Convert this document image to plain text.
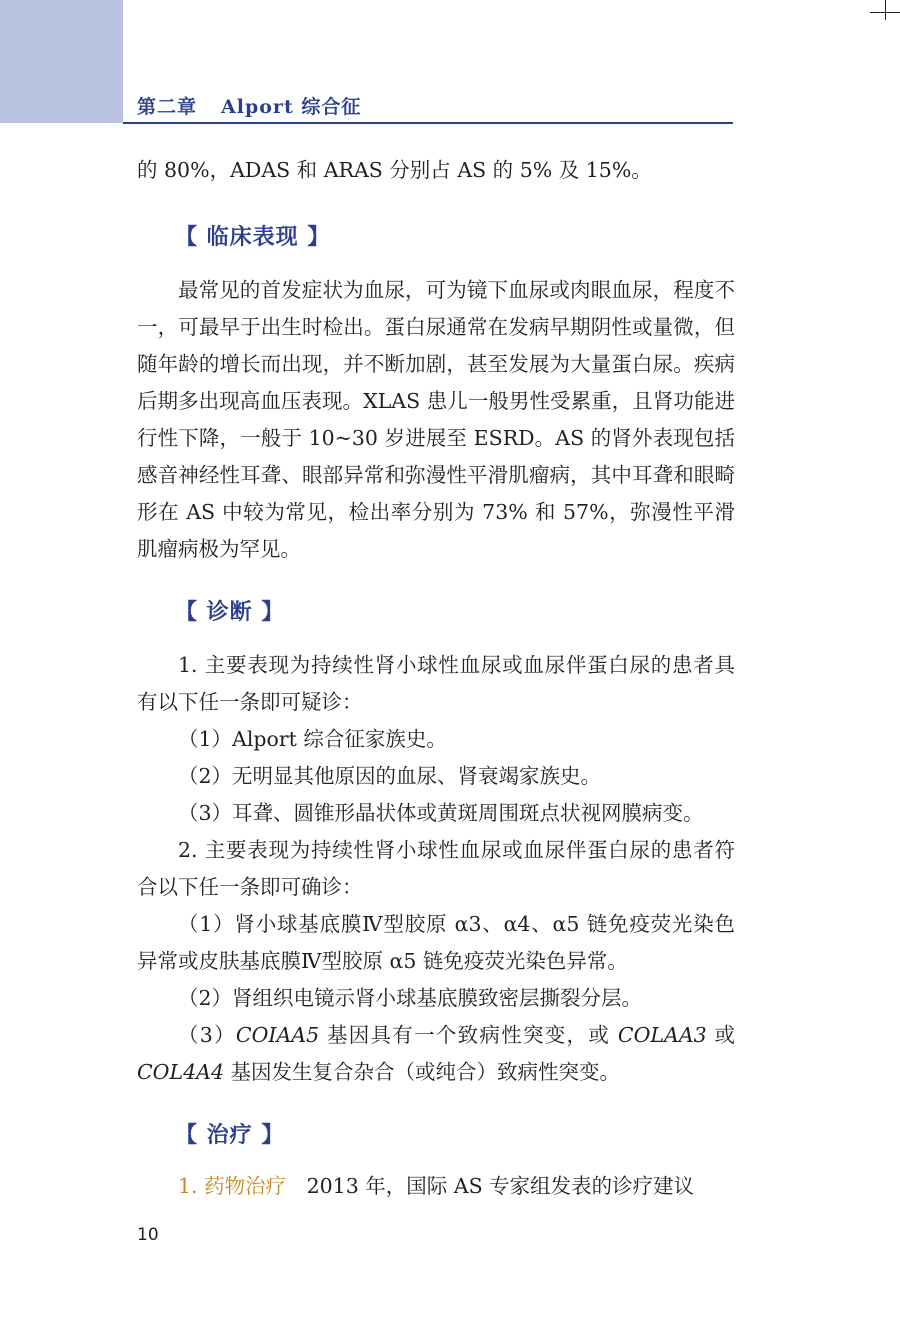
第二章 Alport 综合征

的 80%，ADAS 和 ARAS 分别占 AS 的 5% 及 15%。

【 临床表现 】

最常见的首发症状为血尿，可为镜下血尿或肉眼血尿，程度不一，可最早于出生时检出。蛋白尿通常在发病早期阴性或量微，但随年龄的增长而出现，并不断加剧，甚至发展为大量蛋白尿。疾病后期多出现高血压表现。XLAS 患儿一般男性受累重，且肾功能进行性下降，一般于 10~30 岁进展至 ESRD。AS 的肾外表现包括感音神经性耳聋、眼部异常和弥漫性平滑肌瘤病，其中耳聋和眼畸形在 AS 中较为常见，检出率分别为 73% 和 57%，弥漫性平滑肌瘤病极为罕见。

【 诊断 】

1. 主要表现为持续性肾小球性血尿或血尿伴蛋白尿的患者具有以下任一条即可疑诊：

（1）Alport 综合征家族史。

（2）无明显其他原因的血尿、肾衰竭家族史。

（3）耳聋、圆锥形晶状体或黄斑周围斑点状视网膜病变。

2. 主要表现为持续性肾小球性血尿或血尿伴蛋白尿的患者符合以下任一条即可确诊：

（1）肾小球基底膜Ⅳ型胶原 α3、α4、α5 链免疫荧光染色异常或皮肤基底膜Ⅳ型胶原 α5 链免疫荧光染色异常。

（2）肾组织电镜示肾小球基底膜致密层撕裂分层。

（3）COIAA5 基因具有一个致病性突变，或 COLAA3 或 COL4A4 基因发生复合杂合（或纯合）致病性突变。

【 治疗 】

1. 药物治疗　2013 年，国际 AS 专家组发表的诊疗建议

10
